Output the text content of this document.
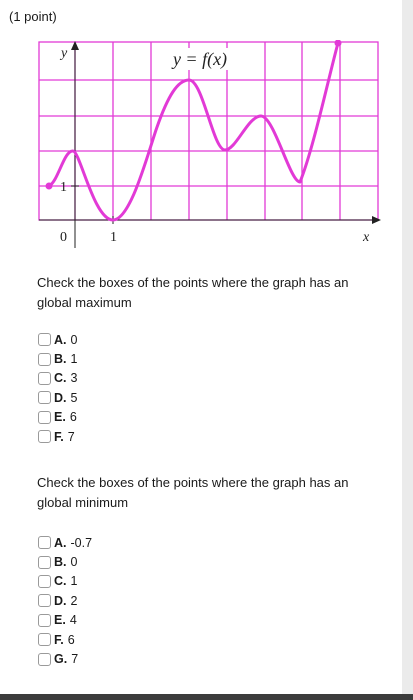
(1 point)
y = f(x)
y
1
0	1	x
Check the boxes of the points where the graph has an global maximum
A. 0
B. 1
C. 3
D. 5
E. 6
F. 7
Check the boxes of the points where the graph has an global minimum
A. -0.7
B. 0
C. 1
D. 2
E. 4
F. 6
G. 7
